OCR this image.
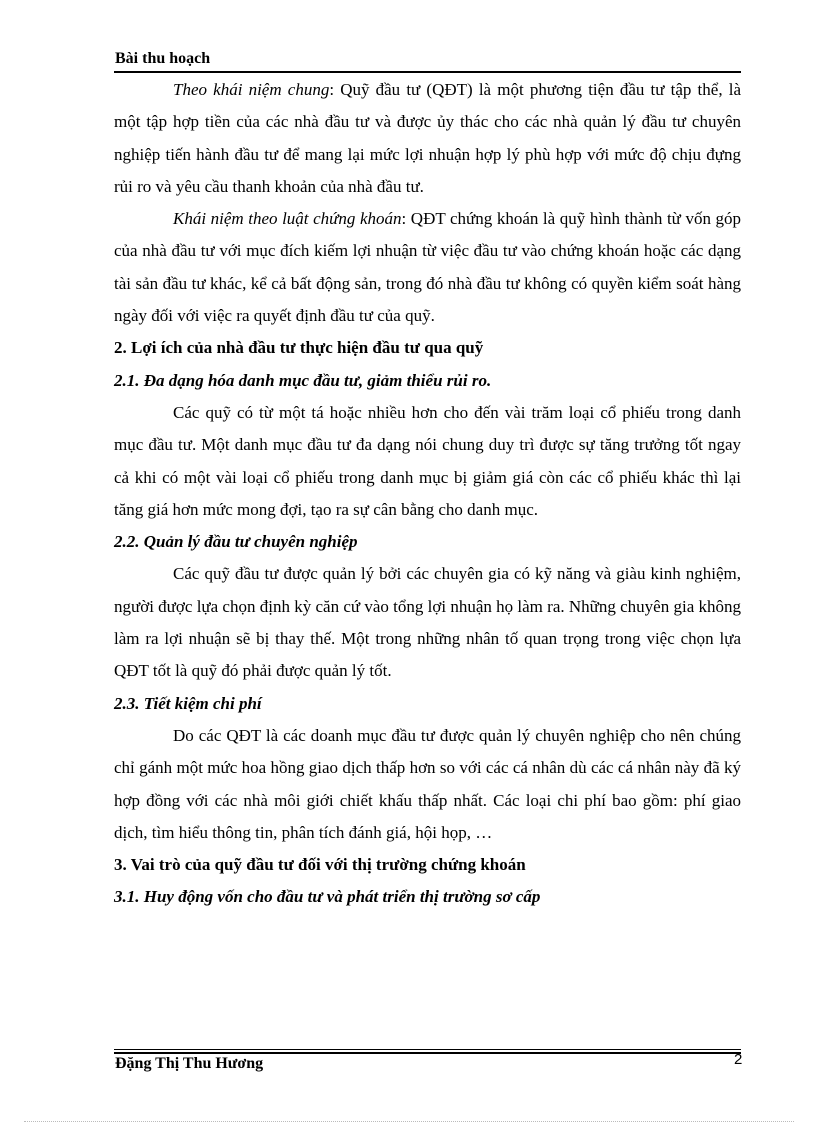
Bài thu hoạch

Theo khái niệm chung: Quỹ đầu tư (QĐT) là một phương tiện đầu tư tập thể, là một tập hợp tiền của các nhà đầu tư và được ủy thác cho các nhà quản lý đầu tư chuyên nghiệp tiến hành đầu tư để mang lại mức lợi nhuận hợp lý phù hợp với mức độ chịu đựng rủi ro và yêu cầu thanh khoản của nhà đầu tư.

Khái niệm theo luật chứng khoán: QĐT chứng khoán là quỹ hình thành từ vốn góp của nhà đầu tư với mục đích kiếm lợi nhuận từ việc đầu tư vào chứng khoán hoặc các dạng tài sản đầu tư khác, kể cả bất động sản, trong đó nhà đầu tư không có quyền kiểm soát hàng ngày đối với việc ra quyết định đầu tư của quỹ.

2. Lợi ích của nhà đầu tư thực hiện đầu tư qua quỹ

2.1. Đa dạng hóa danh mục đầu tư, giảm thiểu rủi ro.

Các quỹ có từ một tá hoặc nhiều hơn cho đến vài trăm loại cổ phiếu trong danh mục đầu tư. Một danh mục đầu tư đa dạng nói chung duy trì được sự tăng trưởng tốt ngay cả khi có một vài loại cổ phiếu trong danh mục bị giảm giá còn các cổ phiếu khác thì lại tăng giá hơn mức mong đợi, tạo ra sự cân bằng cho danh mục.

2.2. Quản lý đầu tư chuyên nghiệp

Các quỹ đầu tư được quản lý bởi các chuyên gia có kỹ năng và giàu kinh nghiệm, người được lựa chọn định kỳ căn cứ vào tổng lợi nhuận họ làm ra. Những chuyên gia không làm ra lợi nhuận sẽ bị thay thế. Một trong những nhân tố quan trọng trong việc chọn lựa QĐT tốt là quỹ đó phải được quản lý tốt.

2.3. Tiết kiệm chi phí

Do các QĐT là các doanh mục đầu tư được quản lý chuyên nghiệp cho nên chúng chỉ gánh một mức hoa hồng giao dịch thấp hơn so với các cá nhân dù các cá nhân này đã ký hợp đồng với các nhà môi giới chiết khấu thấp nhất. Các loại chi phí bao gồm: phí giao dịch, tìm hiểu thông tin, phân tích đánh giá, hội họp, …

3. Vai trò của quỹ đầu tư đối với thị trường chứng khoán

3.1. Huy động vốn cho đầu tư và phát triển thị trường sơ cấp

Đặng Thị Thu Hương	2
